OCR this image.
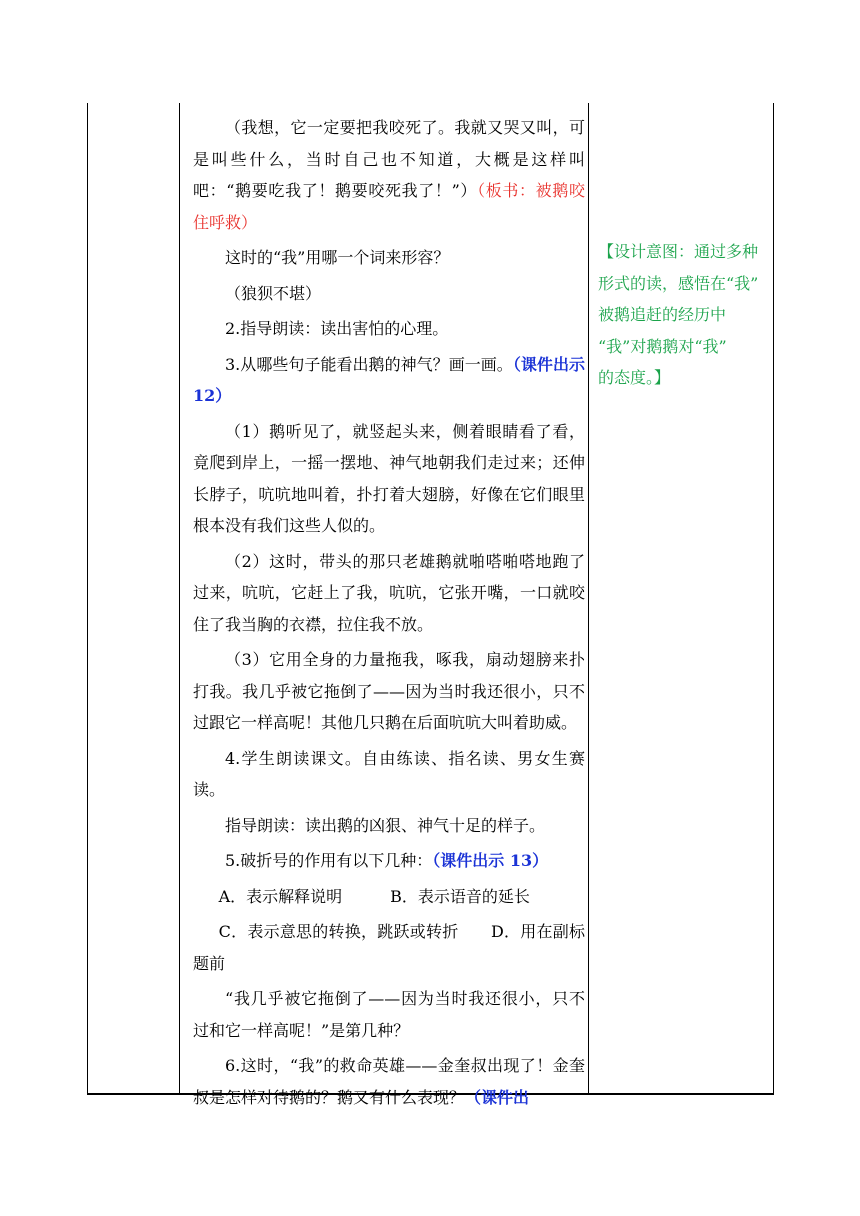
（我想，它一定要把我咬死了。我就又哭又叫，可是叫些什么，当时自己也不知道，大概是这样叫吧：“鹅要吃我了！鹅要咬死我了！”）（板书：被鹅咬住呼救）

这时的“我”用哪一个词来形容？

（狼狈不堪）

2.指导朗读：读出害怕的心理。

3.从哪些句子能看出鹅的神气？画一画。（课件出示 12）

（1）鹅听见了，就竖起头来，侧着眼睛看了看，竟爬到岸上，一摇一摆地、神气地朝我们走过来；还伸长脖子，吭吭地叫着，扑打着大翅膀，好像在它们眼里根本没有我们这些人似的。

（2）这时，带头的那只老雄鹅就啪嗒啪嗒地跑了过来，吭吭，它赶上了我，吭吭，它张开嘴，一口就咬住了我当胸的衣襟，拉住我不放。

（3）它用全身的力量拖我，啄我，扇动翅膀来扑打我。我几乎被它拖倒了——因为当时我还很小，只不过跟它一样高呢！其他几只鹅在后面吭吭大叫着助威。

4.学生朗读课文。自由练读、指名读、男女生赛读。

指导朗读：读出鹅的凶狠、神气十足的样子。

5.破折号的作用有以下几种：（课件出示 13）

A．表示解释说明　　　B．表示语音的延长

C．表示意思的转换，跳跃或转折　　D．用在副标题前

“我几乎被它拖倒了——因为当时我还很小，只不过和它一样高呢！”是第几种？

6.这时，“我”的救命英雄——金奎叔出现了！金奎叔是怎样对待鹅的？鹅又有什么表现？（课件出

【设计意图：通过多种
形式的读，感悟在“我”
被鹅追赶的经历中
“我”对鹅鹅对“我”
的态度。】
